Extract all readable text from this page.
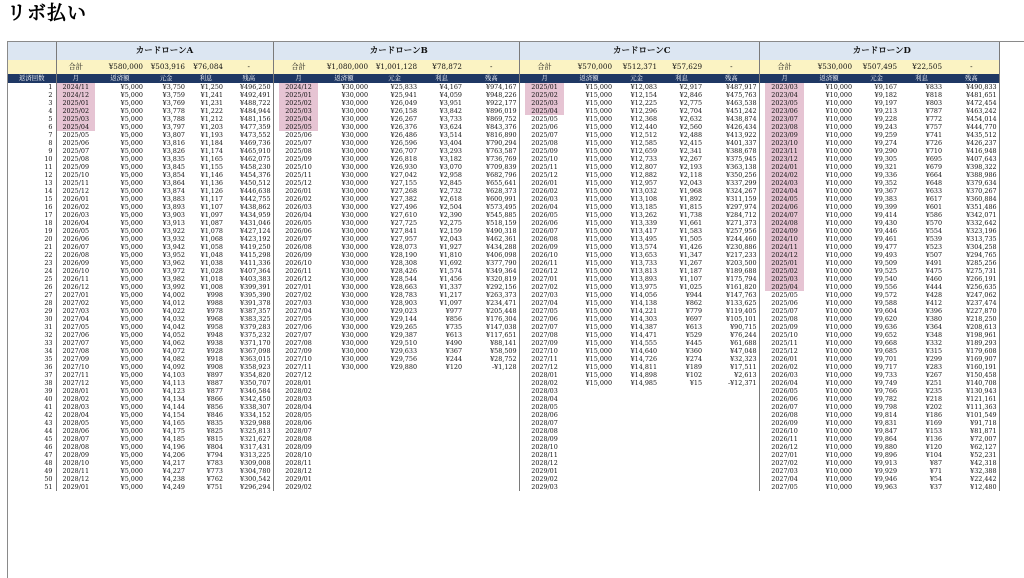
リボ払い
	カードローンA						カードローンB						カードローンC						カードローンD				
	合計	¥580,000	¥503,916	¥76,084	-		合計	¥1,080,000	¥1,001,128	¥78,872	-		合計	¥570,000	¥512,371	¥57,629	-		合計	¥530,000	¥507,495	¥22,505	-
返済回数	月	返済額	元金	利息	残高		月	返済額	元金	利息	残高		月	返済額	元金	利息	残高		月	返済額	元金	利息	残高
1	2024/11	¥5,000	¥3,750	¥1,250	¥496,250		2024/12	¥30,000	¥25,833	¥4,167	¥974,167		2025/01	¥15,000	¥12,083	¥2,917	¥487,917		2023/03	¥10,000	¥9,167	¥833	¥490,833
2	2024/12	¥5,000	¥3,759	¥1,241	¥492,491		2025/01	¥30,000	¥25,941	¥4,059	¥948,226		2025/02	¥15,000	¥12,154	¥2,846	¥475,763		2023/04	¥10,000	¥9,182	¥818	¥481,651
3	2025/01	¥5,000	¥3,769	¥1,231	¥488,722		2025/02	¥30,000	¥26,049	¥3,951	¥922,177		2025/03	¥15,000	¥12,225	¥2,775	¥463,538		2023/05	¥10,000	¥9,197	¥803	¥472,454
4	2025/02	¥5,000	¥3,778	¥1,222	¥484,944		2025/03	¥30,000	¥26,158	¥3,842	¥896,019		2025/04	¥15,000	¥12,296	¥2,704	¥451,242		2023/06	¥10,000	¥9,213	¥787	¥463,242
5	2025/03	¥5,000	¥3,788	¥1,212	¥481,156		2025/04	¥30,000	¥26,267	¥3,733	¥869,752		2025/05	¥15,000	¥12,368	¥2,632	¥438,874		2023/07	¥10,000	¥9,228	¥772	¥454,014
6	2025/04	¥5,000	¥3,797	¥1,203	¥477,359		2025/05	¥30,000	¥26,376	¥3,624	¥843,376		2025/06	¥15,000	¥12,440	¥2,560	¥426,434		2023/08	¥10,000	¥9,243	¥757	¥444,770
7	2025/05	¥5,000	¥3,807	¥1,193	¥473,552		2025/06	¥30,000	¥26,486	¥3,514	¥816,890		2025/07	¥15,000	¥12,512	¥2,488	¥413,922		2023/09	¥10,000	¥9,259	¥741	¥435,512
8	2025/06	¥5,000	¥3,816	¥1,184	¥469,736		2025/07	¥30,000	¥26,596	¥3,404	¥790,294		2025/08	¥15,000	¥12,585	¥2,415	¥401,337		2023/10	¥10,000	¥9,274	¥726	¥426,237
9	2025/07	¥5,000	¥3,826	¥1,174	¥465,910		2025/08	¥30,000	¥26,707	¥3,293	¥763,587		2025/09	¥15,000	¥12,659	¥2,341	¥388,678		2023/11	¥10,000	¥9,290	¥710	¥416,948
10	2025/08	¥5,000	¥3,835	¥1,165	¥462,075		2025/09	¥30,000	¥26,818	¥3,182	¥736,769		2025/10	¥15,000	¥12,733	¥2,267	¥375,945		2023/12	¥10,000	¥9,305	¥695	¥407,643
11	2025/09	¥5,000	¥3,845	¥1,155	¥458,230		2025/10	¥30,000	¥26,930	¥3,070	¥709,839		2025/11	¥15,000	¥12,807	¥2,193	¥363,138		2024/01	¥10,000	¥9,321	¥679	¥398,322
12	2025/10	¥5,000	¥3,854	¥1,146	¥454,376		2025/11	¥30,000	¥27,042	¥2,958	¥682,796		2025/12	¥15,000	¥12,882	¥2,118	¥350,256		2024/02	¥10,000	¥9,336	¥664	¥388,986
13	2025/11	¥5,000	¥3,864	¥1,136	¥450,512		2025/12	¥30,000	¥27,155	¥2,845	¥655,641		2026/01	¥15,000	¥12,957	¥2,043	¥337,299		2024/03	¥10,000	¥9,352	¥648	¥379,634
14	2025/12	¥5,000	¥3,874	¥1,126	¥446,638		2026/01	¥30,000	¥27,268	¥2,732	¥628,373		2026/02	¥15,000	¥13,032	¥1,968	¥324,267		2024/04	¥10,000	¥9,367	¥633	¥370,267
15	2026/01	¥5,000	¥3,883	¥1,117	¥442,755		2026/02	¥30,000	¥27,382	¥2,618	¥600,991		2026/03	¥15,000	¥13,108	¥1,892	¥311,159		2024/05	¥10,000	¥9,383	¥617	¥360,884
16	2026/02	¥5,000	¥3,893	¥1,107	¥438,862		2026/03	¥30,000	¥27,496	¥2,504	¥573,495		2026/04	¥15,000	¥13,185	¥1,815	¥297,974		2024/06	¥10,000	¥9,399	¥601	¥351,486
17	2026/03	¥5,000	¥3,903	¥1,097	¥434,959		2026/04	¥30,000	¥27,610	¥2,390	¥545,885		2026/05	¥15,000	¥13,262	¥1,738	¥284,712		2024/07	¥10,000	¥9,414	¥586	¥342,071
18	2026/04	¥5,000	¥3,913	¥1,087	¥431,046		2026/05	¥30,000	¥27,725	¥2,275	¥518,159		2026/06	¥15,000	¥13,339	¥1,661	¥271,373		2024/08	¥10,000	¥9,430	¥570	¥332,642
19	2026/05	¥5,000	¥3,922	¥1,078	¥427,124		2026/06	¥30,000	¥27,841	¥2,159	¥490,318		2026/07	¥15,000	¥13,417	¥1,583	¥257,956		2024/09	¥10,000	¥9,446	¥554	¥323,196
20	2026/06	¥5,000	¥3,932	¥1,068	¥423,192		2026/07	¥30,000	¥27,957	¥2,043	¥462,361		2026/08	¥15,000	¥13,495	¥1,505	¥244,460		2024/10	¥10,000	¥9,461	¥539	¥313,735
21	2026/07	¥5,000	¥3,942	¥1,058	¥419,250		2026/08	¥30,000	¥28,073	¥1,927	¥434,288		2026/09	¥15,000	¥13,574	¥1,426	¥230,886		2024/11	¥10,000	¥9,477	¥523	¥304,258
22	2026/08	¥5,000	¥3,952	¥1,048	¥415,298		2026/09	¥30,000	¥28,190	¥1,810	¥406,098		2026/10	¥15,000	¥13,653	¥1,347	¥217,233		2024/12	¥10,000	¥9,493	¥507	¥294,765
23	2026/09	¥5,000	¥3,962	¥1,038	¥411,336		2026/10	¥30,000	¥28,308	¥1,692	¥377,790		2026/11	¥15,000	¥13,733	¥1,267	¥203,500		2025/01	¥10,000	¥9,509	¥491	¥285,256
24	2026/10	¥5,000	¥3,972	¥1,028	¥407,364		2026/11	¥30,000	¥28,426	¥1,574	¥349,364		2026/12	¥15,000	¥13,813	¥1,187	¥189,688		2025/02	¥10,000	¥9,525	¥475	¥275,731
25	2026/11	¥5,000	¥3,982	¥1,018	¥403,383		2026/12	¥30,000	¥28,544	¥1,456	¥320,819		2027/01	¥15,000	¥13,893	¥1,107	¥175,794		2025/03	¥10,000	¥9,540	¥460	¥266,191
26	2026/12	¥5,000	¥3,992	¥1,008	¥399,391		2027/01	¥30,000	¥28,663	¥1,337	¥292,156		2027/02	¥15,000	¥13,975	¥1,025	¥161,820		2025/04	¥10,000	¥9,556	¥444	¥256,635
27	2027/01	¥5,000	¥4,002	¥998	¥395,390		2027/02	¥30,000	¥28,783	¥1,217	¥263,373		2027/03	¥15,000	¥14,056	¥944	¥147,763		2025/05	¥10,000	¥9,572	¥428	¥247,062
28	2027/02	¥5,000	¥4,012	¥988	¥391,378		2027/03	¥30,000	¥28,903	¥1,097	¥234,471		2027/04	¥15,000	¥14,138	¥862	¥133,625		2025/06	¥10,000	¥9,588	¥412	¥237,474
29	2027/03	¥5,000	¥4,022	¥978	¥387,357		2027/04	¥30,000	¥29,023	¥977	¥205,448		2027/05	¥15,000	¥14,221	¥779	¥119,405		2025/07	¥10,000	¥9,604	¥396	¥227,870
30	2027/04	¥5,000	¥4,032	¥968	¥383,325		2027/05	¥30,000	¥29,144	¥856	¥176,304		2027/06	¥15,000	¥14,303	¥697	¥105,101		2025/08	¥10,000	¥9,620	¥380	¥218,250
31	2027/05	¥5,000	¥4,042	¥958	¥379,283		2027/06	¥30,000	¥29,265	¥735	¥147,038		2027/07	¥15,000	¥14,387	¥613	¥90,715		2025/09	¥10,000	¥9,636	¥364	¥208,613
32	2027/06	¥5,000	¥4,052	¥948	¥375,232		2027/07	¥30,000	¥29,387	¥613	¥117,651		2027/08	¥15,000	¥14,471	¥529	¥76,244		2025/10	¥10,000	¥9,652	¥348	¥198,961
33	2027/07	¥5,000	¥4,062	¥938	¥371,170		2027/08	¥30,000	¥29,510	¥490	¥88,141		2027/09	¥15,000	¥14,555	¥445	¥61,688		2025/11	¥10,000	¥9,668	¥332	¥189,293
34	2027/08	¥5,000	¥4,072	¥928	¥367,098		2027/09	¥30,000	¥29,633	¥367	¥58,509		2027/10	¥15,000	¥14,640	¥360	¥47,048		2025/12	¥10,000	¥9,685	¥315	¥179,608
35	2027/09	¥5,000	¥4,082	¥918	¥363,015		2027/10	¥30,000	¥29,756	¥244	¥28,752		2027/11	¥15,000	¥14,726	¥274	¥32,323		2026/01	¥10,000	¥9,701	¥299	¥169,907
36	2027/10	¥5,000	¥4,092	¥908	¥358,923		2027/11	¥30,000	¥29,880	¥120	-¥1,128		2027/12	¥15,000	¥14,811	¥189	¥17,511		2026/02	¥10,000	¥9,717	¥283	¥160,191
37	2027/11	¥5,000	¥4,103	¥897	¥354,820		2027/12						2028/01	¥15,000	¥14,898	¥102	¥2,613		2026/03	¥10,000	¥9,733	¥267	¥150,458
38	2027/12	¥5,000	¥4,113	¥887	¥350,707		2028/01						2028/02	¥15,000	¥14,985	¥15	-¥12,371		2026/04	¥10,000	¥9,749	¥251	¥140,708
39	2028/01	¥5,000	¥4,123	¥877	¥346,584		2028/02						2028/03						2026/05	¥10,000	¥9,766	¥235	¥130,943
40	2028/02	¥5,000	¥4,134	¥866	¥342,450		2028/03						2028/04						2026/06	¥10,000	¥9,782	¥218	¥121,161
41	2028/03	¥5,000	¥4,144	¥856	¥338,307		2028/04						2028/05						2026/07	¥10,000	¥9,798	¥202	¥111,363
42	2028/04	¥5,000	¥4,154	¥846	¥334,152		2028/05						2028/06						2026/08	¥10,000	¥9,814	¥186	¥101,549
43	2028/05	¥5,000	¥4,165	¥835	¥329,988		2028/06						2028/07						2026/09	¥10,000	¥9,831	¥169	¥91,718
44	2028/06	¥5,000	¥4,175	¥825	¥325,813		2028/07						2028/08						2026/10	¥10,000	¥9,847	¥153	¥81,871
45	2028/07	¥5,000	¥4,185	¥815	¥321,627		2028/08						2028/09						2026/11	¥10,000	¥9,864	¥136	¥72,007
46	2028/08	¥5,000	¥4,196	¥804	¥317,431		2028/09						2028/10						2026/12	¥10,000	¥9,880	¥120	¥62,127
47	2028/09	¥5,000	¥4,206	¥794	¥313,225		2028/10						2028/11						2027/01	¥10,000	¥9,896	¥104	¥52,231
48	2028/10	¥5,000	¥4,217	¥783	¥309,008		2028/11						2028/12						2027/02	¥10,000	¥9,913	¥87	¥42,318
49	2028/11	¥5,000	¥4,227	¥773	¥304,780		2028/12						2029/01						2027/03	¥10,000	¥9,929	¥71	¥32,388
50	2028/12	¥5,000	¥4,238	¥762	¥300,542		2029/01						2029/02						2027/04	¥10,000	¥9,946	¥54	¥22,442
51	2029/01	¥5,000	¥4,249	¥751	¥296,294		2029/02						2029/03						2027/05	¥10,000	¥9,963	¥37	¥12,480
